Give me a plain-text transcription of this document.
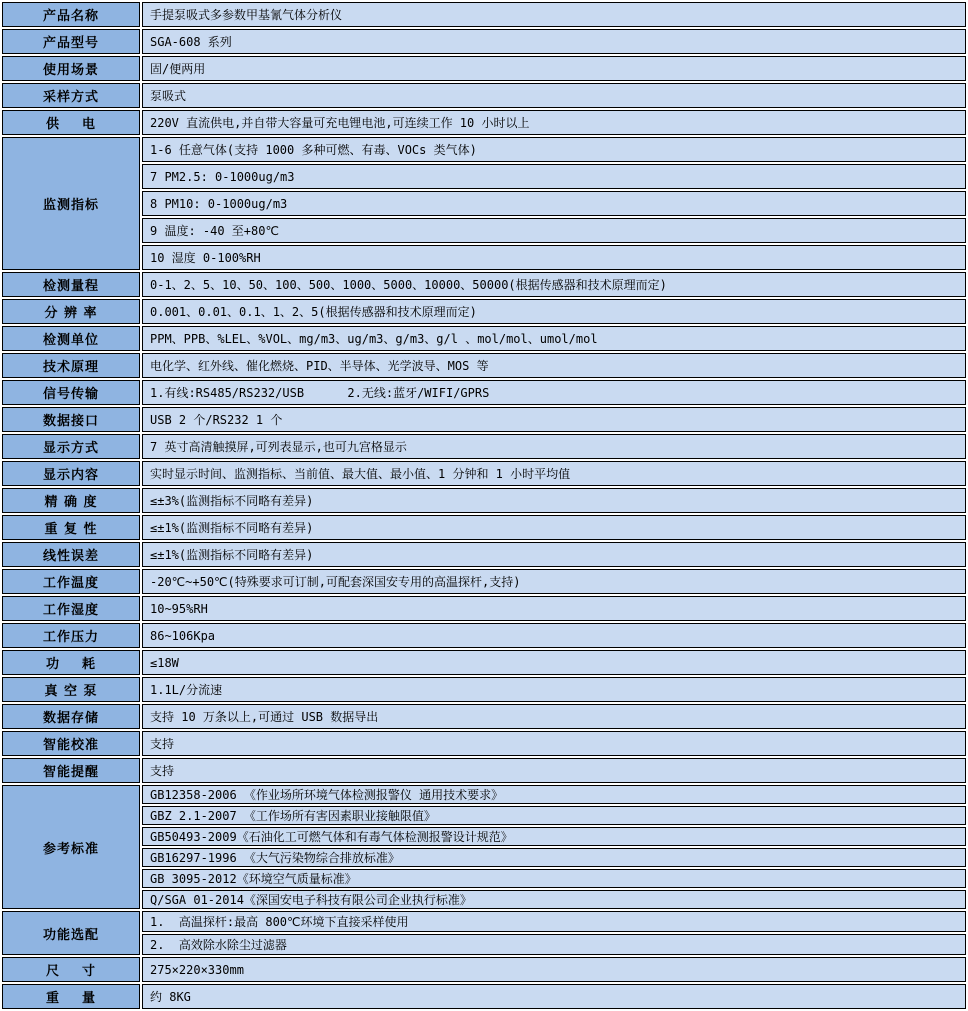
产品名称	手提泵吸式多参数甲基氰气体分析仪
产品型号	SGA-608 系列
使用场景	固/便两用
采样方式	泵吸式
供    电	220V 直流供电,并自带大容量可充电锂电池,可连续工作 10 小时以上
监测指标	1-6 任意气体(支持 1000 多种可燃、有毒、VOCs 类气体)
	7 PM2.5: 0-1000ug/m3
	8 PM10: 0-1000ug/m3
	9 温度: -40 至+80℃
	10 湿度 0-100%RH
检测量程	0-1、2、5、10、50、100、500、1000、5000、10000、50000(根据传感器和技术原理而定)
分 辨 率	0.001、0.01、0.1、1、2、5(根据传感器和技术原理而定)
检测单位	PPM、PPB、%LEL、%VOL、mg/m3、ug/m3、g/m3、g/l 、mol/mol、umol/mol
技术原理	电化学、红外线、催化燃烧、PID、半导体、光学波导、MOS 等
信号传输	1.有线:RS485/RS232/USB      2.无线:蓝牙/WIFI/GPRS
数据接口	USB 2 个/RS232 1 个
显示方式	7 英寸高清触摸屏,可列表显示,也可九宫格显示
显示内容	实时显示时间、监测指标、当前值、最大值、最小值、1 分钟和 1 小时平均值
精 确 度	≤±3%(监测指标不同略有差异)
重 复 性	≤±1%(监测指标不同略有差异)
线性误差	≤±1%(监测指标不同略有差异)
工作温度	-20℃~+50℃(特殊要求可订制,可配套深国安专用的高温探杆,支持)
工作湿度	10~95%RH
工作压力	86~106Kpa
功    耗	≤18W
真 空 泵	1.1L/分流速
数据存储	支持 10 万条以上,可通过 USB 数据导出
智能校准	支持
智能提醒	支持
参考标准	GB12358-2006 《作业场所环境气体检测报警仪 通用技术要求》
	GBZ 2.1-2007 《工作场所有害因素职业接触限值》
	GB50493-2009《石油化工可燃气体和有毒气体检测报警设计规范》
	GB16297-1996 《大气污染物综合排放标准》
	GB 3095-2012《环境空气质量标准》
	Q/SGA 01-2014《深国安电子科技有限公司企业执行标准》
功能选配	1.  高温探杆:最高 800℃环境下直接采样使用
	2.  高效除水除尘过滤器
尺    寸	275×220×330mm
重    量	约 8KG
